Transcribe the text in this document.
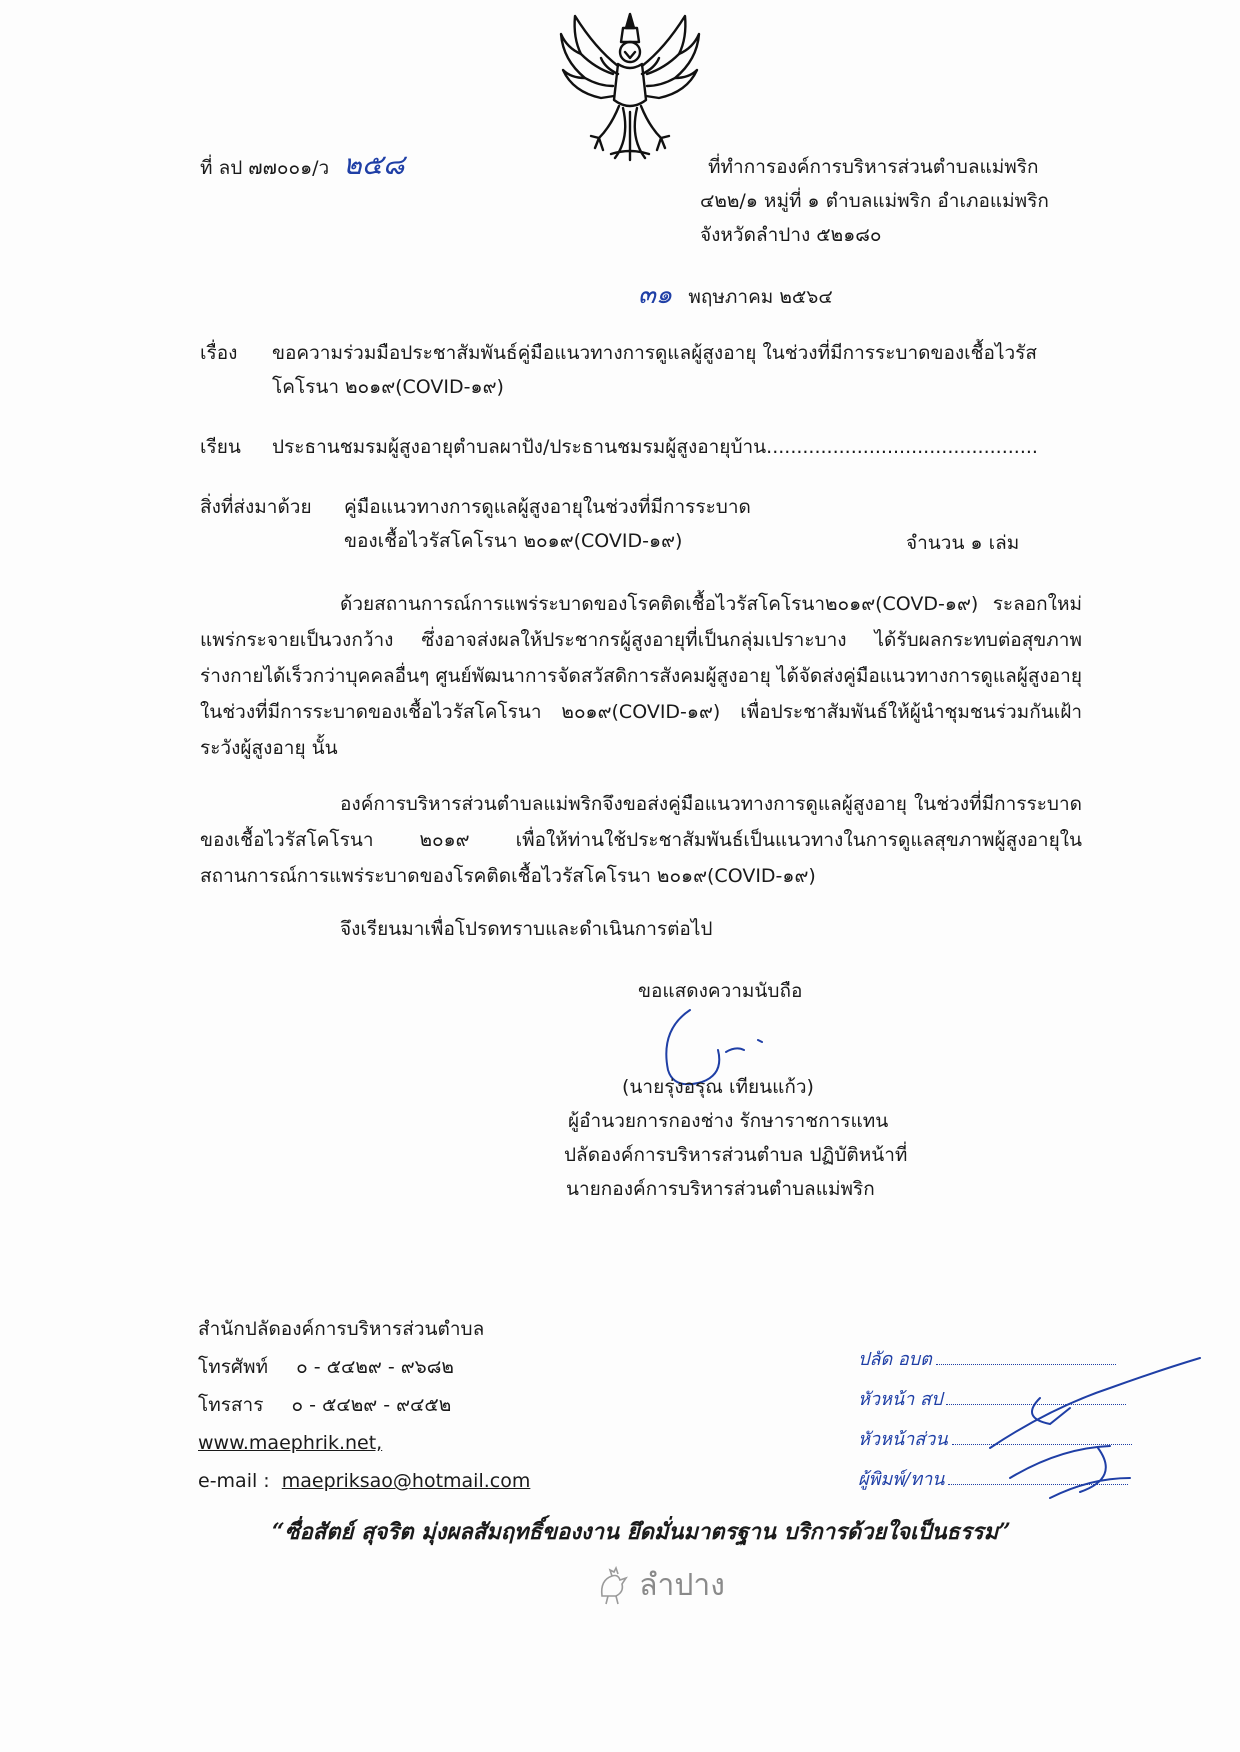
ที่ ลป ๗๗๐๐๑/ว ๒๕๘	ที่ทำการองค์การบริหารส่วนตำบลแม่พริก
๔๒๒/๑ หมู่ที่ ๑ ตำบลแม่พริก อำเภอแม่พริก
จังหวัดลำปาง ๕๒๑๘๐
๓๑ พฤษภาคม ๒๕๖๔
เรื่อง ขอความร่วมมือประชาสัมพันธ์คู่มือแนวทางการดูแลผู้สูงอายุ ในช่วงที่มีการระบาดของเชื้อไวรัส
โคโรนา ๒๐๑๙(COVID-๑๙)
เรียน ประธานชมรมผู้สูงอายุตำบลผาปัง/ประธานชมรมผู้สูงอายุบ้าน.............................................
สิ่งที่ส่งมาด้วย คู่มือแนวทางการดูแลผู้สูงอายุในช่วงที่มีการระบาด
ของเชื้อไวรัสโคโรนา ๒๐๑๙(COVID-๑๙)	จำนวน ๑ เล่ม
ด้วยสถานการณ์การแพร่ระบาดของโรคติดเชื้อไวรัสโคโรนา๒๐๑๙(COVD-๑๙) ระลอกใหม่แพร่กระจายเป็นวงกว้าง ซึ่งอาจส่งผลให้ประชากรผู้สูงอายุที่เป็นกลุ่มเปราะบาง ได้รับผลกระทบต่อสุขภาพร่างกายได้เร็วกว่าบุคคลอื่นๆ ศูนย์พัฒนาการจัดสวัสดิการสังคมผู้สูงอายุ ได้จัดส่งคู่มือแนวทางการดูแลผู้สูงอายุในช่วงที่มีการระบาดของเชื้อไวรัสโคโรนา ๒๐๑๙(COVID-๑๙) เพื่อประชาสัมพันธ์ให้ผู้นำชุมชนร่วมกันเฝ้าระวังผู้สูงอายุ นั้น
องค์การบริหารส่วนตำบลแม่พริกจึงขอส่งคู่มือแนวทางการดูแลผู้สูงอายุ ในช่วงที่มีการระบาดของเชื้อไวรัสโคโรนา ๒๐๑๙ เพื่อให้ท่านใช้ประชาสัมพันธ์เป็นแนวทางในการดูแลสุขภาพผู้สูงอายุในสถานการณ์การแพร่ระบาดของโรคติดเชื้อไวรัสโคโรนา ๒๐๑๙(COVID-๑๙)
จึงเรียนมาเพื่อโปรดทราบและดำเนินการต่อไป
ขอแสดงความนับถือ
(นายรุ่งอรุณ เทียนแก้ว)
ผู้อำนวยการกองช่าง รักษาราชการแทน
ปลัดองค์การบริหารส่วนตำบล ปฏิบัติหน้าที่
นายกองค์การบริหารส่วนตำบลแม่พริก
สำนักปลัดองค์การบริหารส่วนตำบล
โทรศัพท์ ๐ - ๕๔๒๙ - ๙๖๘๒
โทรสาร ๐ - ๕๔๒๙ - ๙๔๕๒
www.maephrik.net,
e-mail : maepriksao@hotmail.com
ปลัด อบต
หัวหน้า สป
หัวหน้าส่วน
ผู้พิมพ์/ทาน
“ซื่อสัตย์ สุจริต มุ่งผลสัมฤทธิ์ของงาน ยึดมั่นมาตรฐาน บริการด้วยใจเป็นธรรม”
ลำปาง
